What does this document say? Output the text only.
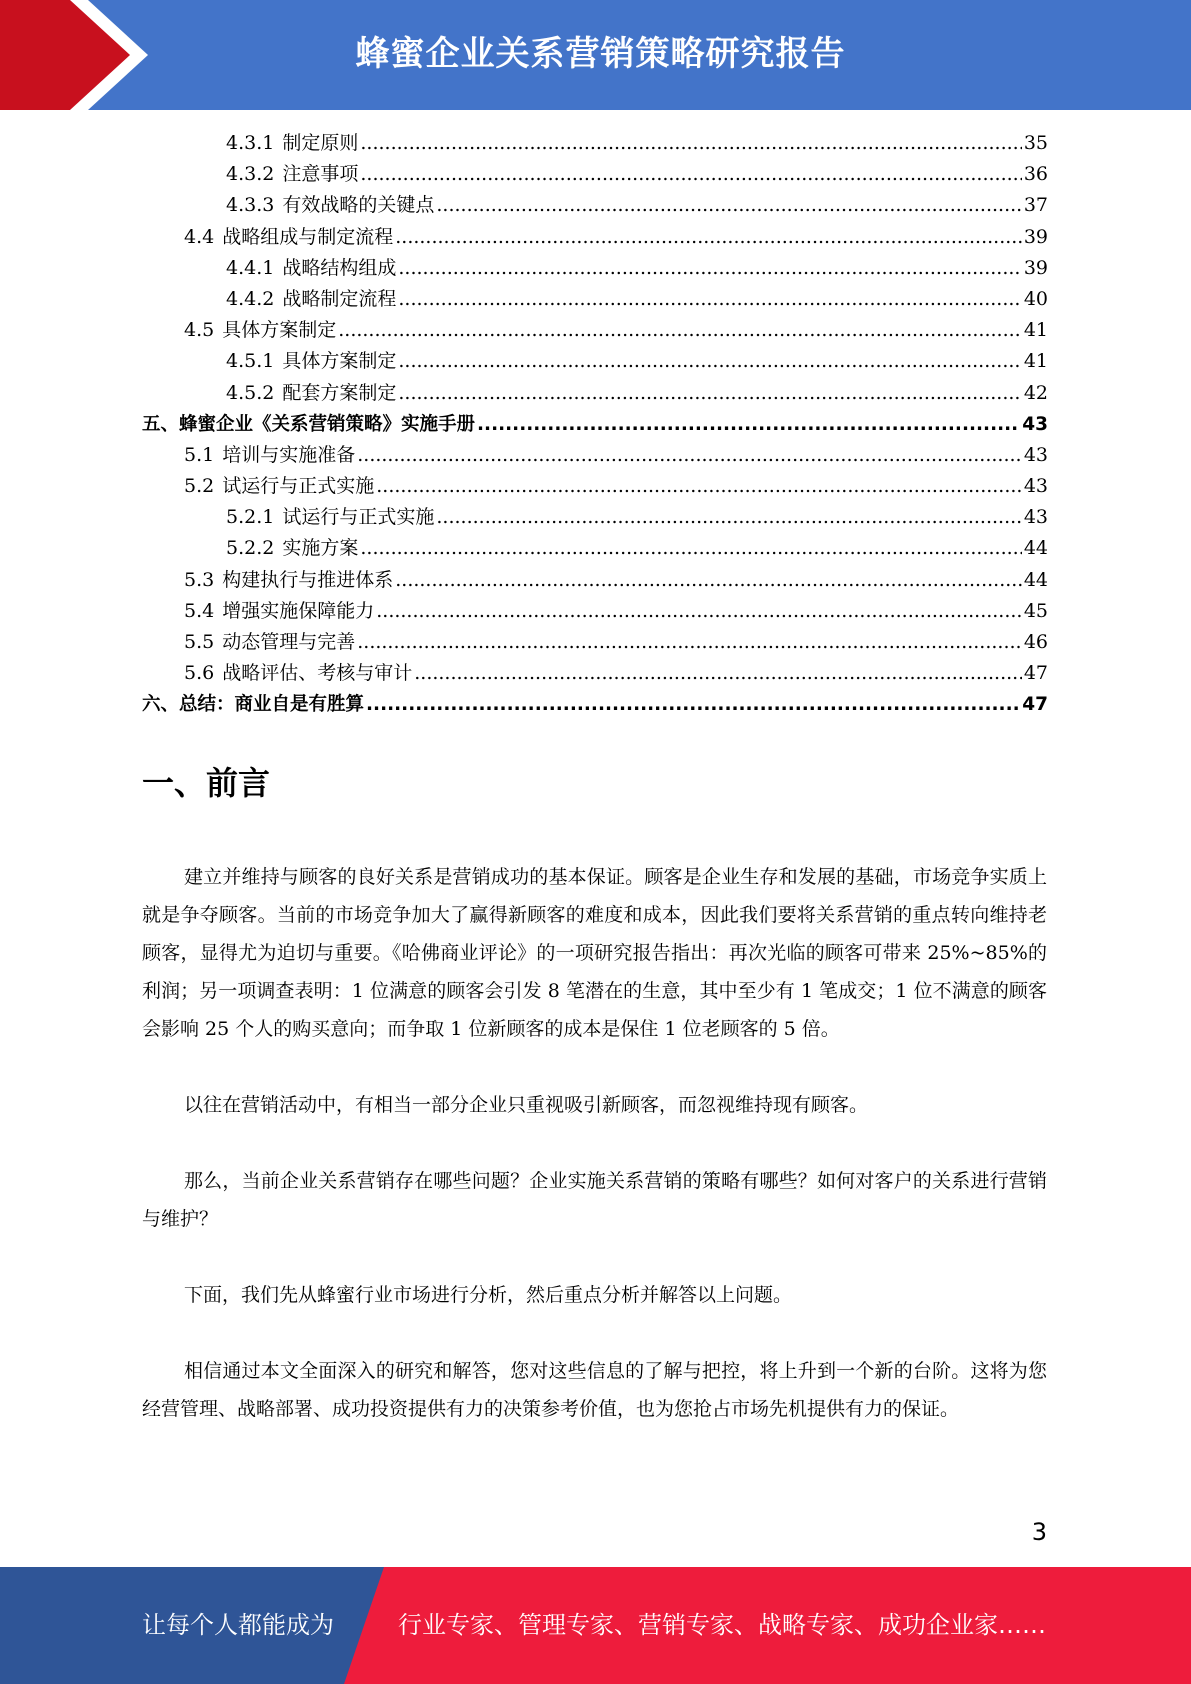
蜂蜜企业关系营销策略研究报告
4.3.1 制定原则 .....	35
4.3.2 注意事项 .....	36
4.3.3 有效战略的关键点 .....	37
4.4 战略组成与制定流程 .....	39
4.4.1 战略结构组成 .....	39
4.4.2 战略制定流程 .....	40
4.5 具体方案制定 .....	41
4.5.1 具体方案制定 .....	41
4.5.2 配套方案制定 .....	42
五、 蜂蜜企业《关系营销策略》实施手册 .....	43
5.1 培训与实施准备 .....	43
5.2 试运行与正式实施 .....	43
5.2.1 试运行与正式实施 .....	43
5.2.2 实施方案 .....	44
5.3 构建执行与推进体系 .....	44
5.4 增强实施保障能力 .....	45
5.5 动态管理与完善 .....	46
5.6 战略评估、考核与审计 .....	47
六、 总结：商业自是有胜算 .....	47
一、前言

建立并维持与顾客的良好关系是营销成功的基本保证。顾客是企业生存和发展的基础，市场竞争实质上就是争夺顾客。当前的市场竞争加大了赢得新顾客的难度和成本，因此我们要将关系营销的重点转向维持老顾客，显得尤为迫切与重要。《哈佛商业评论》的一项研究报告指出：再次光临的顾客可带来 25%~85%的利润；另一项调查表明：1 位满意的顾客会引发 8 笔潜在的生意，其中至少有 1 笔成交；1 位不满意的顾客会影响 25 个人的购买意向；而争取 1 位新顾客的成本是保住 1 位老顾客的 5 倍。

以往在营销活动中，有相当一部分企业只重视吸引新顾客，而忽视维持现有顾客。

那么，当前企业关系营销存在哪些问题？企业实施关系营销的策略有哪些？如何对客户的关系进行营销与维护？

下面，我们先从蜂蜜行业市场进行分析，然后重点分析并解答以上问题。

相信通过本文全面深入的研究和解答，您对这些信息的了解与把控，将上升到一个新的台阶。这将为您经营管理、战略部署、成功投资提供有力的决策参考价值，也为您抢占市场先机提供有力的保证。

3
让每个人都能成为	行业专家、管理专家、营销专家、战略专家、成功企业家……
